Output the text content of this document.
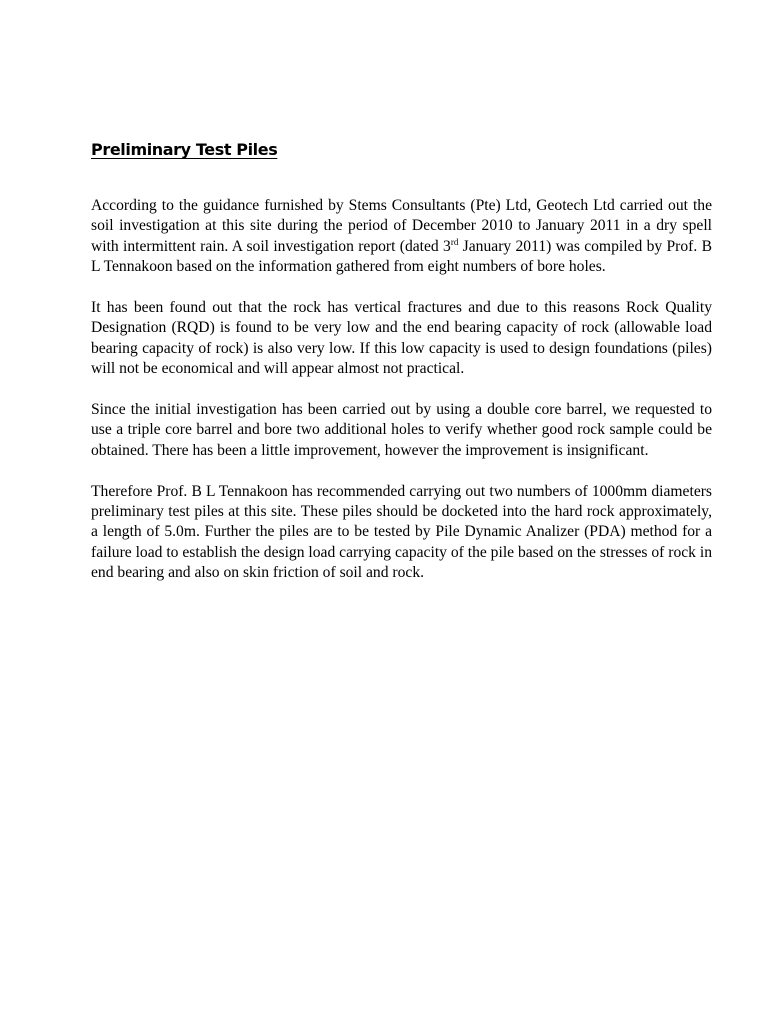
Preliminary Test Piles

According to the guidance furnished by Stems Consultants (Pte) Ltd, Geotech Ltd carried out the soil investigation at this site during the period of December 2010 to January 2011 in a dry spell with intermittent rain. A soil investigation report (dated 3rd January 2011) was compiled by Prof. B L Tennakoon based on the information gathered from eight numbers of bore holes.

It has been found out that the rock has vertical fractures and due to this reasons Rock Quality Designation (RQD) is found to be very low and the end bearing capacity of rock (allowable load bearing capacity of rock) is also very low. If this low capacity is used to design foundations (piles) will not be economical and will appear almost not practical.

Since the initial investigation has been carried out by using a double core barrel, we requested to use a triple core barrel and bore two additional holes to verify whether good rock sample could be obtained. There has been a little improvement, however the improvement is insignificant.

Therefore Prof. B L Tennakoon has recommended carrying out two numbers of 1000mm diameters preliminary test piles at this site. These piles should be docketed into the hard rock approximately, a length of 5.0m. Further the piles are to be tested by Pile Dynamic Analizer (PDA) method for a failure load to establish the design load carrying capacity of the pile based on the stresses of rock in end bearing and also on skin friction of soil and rock.
